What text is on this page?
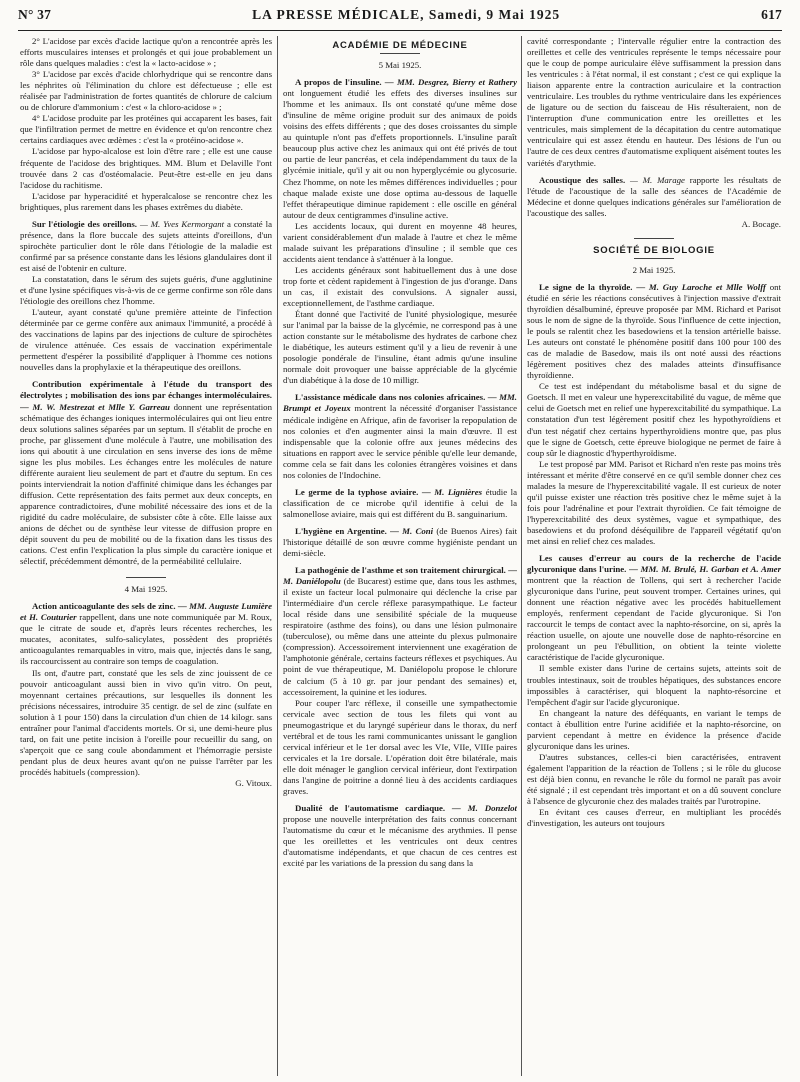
N° 37	LA PRESSE MÉDICALE, Samedi, 9 Mai 1925	617

2° L'acidose par excès d'acide lactique qu'on a rencontrée après les efforts musculaires intenses et prolongés et qui joue probablement un rôle dans quelques maladies : c'est la « lacto-acidose » ;

3° L'acidose par excès d'acide chlorhydrique qui se rencontre dans les néphrites où l'élimination du chlore est défectueuse ; elle est réalisée par l'administration de fortes quantités de chlorure de calcium ou de chlorure d'ammonium : c'est « la chloro-acidose » ;

4° L'acidose produite par les protéines qui accaparent les bases, fait que l'infiltration permet de mettre en évidence et qu'on rencontre chez certains cardiaques avec œdèmes : c'est la « protéino-acidose ».

L'acidose par hypo-alcalose est loin d'être rare ; elle est une cause fréquente de l'acidose des brightiques. MM. Blum et Delaville l'ont trouvée dans 2 cas d'ostéomalacie. Peut-être est-elle en jeu dans l'acidose du rachitisme.

L'acidose par hyperacidité et hyperalcalose se rencontre chez les brightiques, plus rarement dans les phases extrêmes du diabète.

Sur l'étiologie des oreillons. — M. Yves Kermorgant a constaté la présence, dans la flore buccale des sujets atteints d'oreillons, d'un spirochète particulier dont le rôle dans l'étiologie de la maladie est confirmé par sa présence constante dans les lésions glandulaires dont il est aisé de l'obtenir en culture.

La constatation, dans le sérum des sujets guéris, d'une agglutinine et d'une lysine spécifiques vis-à-vis de ce germe confirme son rôle dans l'étiologie des oreillons chez l'homme.

L'auteur, ayant constaté qu'une première atteinte de l'infection déterminée par ce germe confère aux animaux l'immunité, a procédé à des vaccinations de lapins par des injections de culture de spirochètes de virulence atténuée. Ces essais de vaccination expérimentale permettent d'espérer la possibilité d'appliquer à l'homme ces notions nouvelles dans la prophylaxie et la thérapeutique des oreillons.

Contribution expérimentale à l'étude du transport des électrolytes ; mobilisation des ions par échanges intermoléculaires. — M. W. Mestrezat et Mlle Y. Garreau donnent une représentation schématique des échanges ioniques intermoléculaires qui ont lieu entre deux solutions salines séparées par un septum. Il s'établit de proche en proche, par glissement d'une molécule à l'autre, une mobilisation des ions qui aboutit à une circulation en sens inverse des ions de même signe les plus mobiles. Les échanges entre les molécules de nature différente auraient lieu seulement de part et d'autre du septum. En ces points interviendrait la notion d'affinité chimique dans les échanges par diffusion. Cette représentation des faits permet aux deux concepts, en apparence contradictoires, d'une mobilité nécessaire des ions et de la rigidité du cadre moléculaire, de subsister côte à côte. Elle laisse aux anions de déchet ou de synthèse leur vitesse de diffusion propre en dépit souvent du peu de mobilité ou de la fixation dans les tissus des cations. C'est enfin l'explication la plus simple du caractère ionique et sélectif, précédemment démontré, de la perméabilité cellulaire.

4 Mai 1925.

Action anticoagulante des sels de zinc. — MM. Auguste Lumière et H. Couturier rappellent, dans une note communiquée par M. Roux, que le citrate de soude et, d'après leurs récentes recherches, les mucates, aconitates, sulfo-salicylates, possèdent des propriétés anticoagulantes remarquables in vitro, mais que, injectés dans le sang, ils raccourcissent au contraire son temps de coagulation.

Ils ont, d'autre part, constaté que les sels de zinc jouissent de ce pouvoir anticoagulant aussi bien in vivo qu'in vitro. On peut, moyennant certaines précautions, sur lesquelles ils donnent les précisions nécessaires, introduire 35 centigr. de sel de zinc (sulfate en solution à 1 pour 150) dans la circulation d'un chien de 14 kilogr. sans entraîner pour l'animal d'accidents mortels. Or si, une demi-heure plus tard, on fait une petite incision à l'oreille pour recueillir du sang, on s'aperçoit que ce sang coule abondamment et l'hémorragie persiste pendant plus de deux heures avant qu'on ne puisse l'arrêter par les procédés habituels (compression).

G. Vitoux.

ACADÉMIE DE MÉDECINE

5 Mai 1925.

A propos de l'insuline. — MM. Desgrez, Bierry et Rathery ont longuement étudié les effets des diverses insulines sur l'homme et les animaux. Ils ont constaté qu'une même dose d'insuline de même origine produit sur des animaux de poids voisins des effets différents ; que des doses croissantes du simple au quintuple n'ont pas d'effets proportionnels. L'insuline paraît beaucoup plus active chez les animaux qui ont été privés de tout ou partie de leur pancréas, et cela indépendamment du taux de la glycémie initiale, qu'il y ait ou non hyperglycémie ou glycosurie. Chez l'homme, on note les mêmes différences individuelles ; pour chaque malade existe une dose optima au-dessous de laquelle l'effet thérapeutique diminue rapidement : elle oscille en général autour de deux centigrammes d'insuline active.

Les accidents locaux, qui durent en moyenne 48 heures, varient considérablement d'un malade à l'autre et chez le même malade suivant les préparations d'insuline ; il semble que ces accidents aient tendance à s'atténuer à la longue.

Les accidents généraux sont habituellement dus à une dose trop forte et cèdent rapidement à l'ingestion de jus d'orange. Dans un cas, il existait des convulsions. A signaler aussi, exceptionnellement, de l'asthme cardiaque.

Étant donné que l'activité de l'unité physiologique, mesurée sur l'animal par la baisse de la glycémie, ne correspond pas à une action constante sur le métabolisme des hydrates de carbone chez le diabétique, les auteurs estiment qu'il y a lieu de revenir à une posologie pondérale de l'insuline, étant admis qu'une insuline normale doit provoquer une baisse appréciable de la glycémie d'un diabétique à la dose de 10 milligr.

L'assistance médicale dans nos colonies africaines. — MM. Brumpt et Joyeux montrent la nécessité d'organiser l'assistance médicale indigène en Afrique, afin de favoriser la repopulation de nos colonies et d'en augmenter ainsi la main d'œuvre. Il est indispensable que la colonie offre aux jeunes médecins des situations en rapport avec le service pénible qu'elle leur demande, comme cela se fait dans les colonies étrangères voisines et dans nos colonies de l'Indochine.

Le germe de la typhose aviaire. — M. Lignières étudie la classification de ce microbe qu'il identifie à celui de la salmonellose aviaire, mais qui est différent du B. sanguinarium.

L'hygiène en Argentine. — M. Coni (de Buenos Aires) fait l'historique détaillé de son œuvre comme hygiéniste pendant un demi-siècle.

La pathogénie de l'asthme et son traitement chirurgical. — M. Daniélopolu (de Bucarest) estime que, dans tous les asthmes, il existe un facteur local pulmonaire qui déclenche la crise par l'intermédiaire d'un cercle réflexe parasympathique. Le facteur local réside dans une sensibilité spéciale de la muqueuse respiratoire (asthme des foins), ou dans une lésion pulmonaire (tuberculose), ou même dans une atteinte du plexus pulmonaire (compression). Accessoirement interviennent une exagération de l'amphotonie générale, certains facteurs réflexes et psychiques. Au point de vue thérapeutique, M. Daniélopolu propose le chlorure de calcium (5 à 10 gr. par jour pendant des semaines) et, accessoirement, la quinine et les iodures.

Pour couper l'arc réflexe, il conseille une sympathectomie cervicale avec section de tous les filets qui vont au pneumogastrique et du laryngé supérieur dans le thorax, du nerf vertébral et de tous les rami communicantes unissant le ganglion cervical inférieur et le 1er dorsal avec les VIe, VIIe, VIIIe paires cervicales et la 1re dorsale. L'opération doit être bilatérale, mais elle doit ménager le ganglion cervical inférieur, dont l'extirpation dans l'angine de poitrine a donné lieu à des accidents cardiaques graves.

Dualité de l'automatisme cardiaque. — M. Donzelot propose une nouvelle interprétation des faits connus concernant l'automatisme du cœur et le mécanisme des arythmies. Il pense que les oreillettes et les ventricules ont deux centres d'automatisme indépendants, et que chacun de ces centres est excité par les variations de la pression du sang dans la

cavité correspondante ; l'intervalle régulier entre la contraction des oreillettes et celle des ventricules représente le temps nécessaire pour que le coup de pompe auriculaire élève suffisamment la pression dans les ventricules : à l'état normal, il est constant ; c'est ce qui explique la liaison apparente entre la contraction auriculaire et la contraction ventriculaire. Les troubles du rythme ventriculaire dans les expériences de ligature ou de section du faisceau de His résulteraient, non de l'interruption d'une communication entre les oreillettes et les ventricules, mais simplement de la décapitation du centre automatique ventriculaire qui est assez étendu en hauteur. Des lésions de l'un ou l'autre de ces deux centres d'automatisme expliquent aisément toutes les variétés d'arythmie.

Acoustique des salles. — M. Marage rapporte les résultats de l'étude de l'acoustique de la salle des séances de l'Académie de Médecine et donne quelques indications générales sur l'amélioration de l'acoustique des salles.

A. Bocage.

SOCIÉTÉ DE BIOLOGIE

2 Mai 1925.

Le signe de la thyroïde. — M. Guy Laroche et Mlle Wolff ont étudié en série les réactions consécutives à l'injection massive d'extrait thyroïdien désalbuminé, épreuve proposée par MM. Richard et Parisot sous le nom de signe de la thyroïde. Sous l'influence de cette injection, le pouls se ralentit chez les basedowiens et la tension artérielle baisse. Les auteurs ont constaté le phénomène positif dans 100 pour 100 des cas de maladie de Basedow, mais ils ont noté aussi des réactions légèrement positives chez des malades atteints d'insuffisance thyroïdienne.

Ce test est indépendant du métabolisme basal et du signe de Goetsch. Il met en valeur une hyperexcitabilité du vague, de même que celui de Goetsch met en relief une hyperexcitabilité du sympathique. La constatation d'un test légèrement positif chez les hypothyroïdiens et d'un test négatif chez certains hyperthyroïdiens montre que, pas plus que le signe de Goetsch, cette épreuve biologique ne permet de faire à coup sûr le diagnostic d'hyperthyroïdisme.

Le test proposé par MM. Parisot et Richard n'en reste pas moins très intéressant et mérite d'être conservé en ce qu'il semble donner chez ces malades la mesure de l'hyperexcitabilité vagale. Il est curieux de noter qu'il puisse exister une réaction très positive chez le même sujet à la fois pour l'adrénaline et pour l'extrait thyroïdien. Ce fait témoigne de l'hyperexcitabilité des deux systèmes, vague et sympathique, des basedowiens et du profond déséquilibre de l'appareil végétatif qu'on met ainsi en relief chez ces malades.

Les causes d'erreur au cours de la recherche de l'acide glycuronique dans l'urine. — MM. M. Brulé, H. Garban et A. Amer montrent que la réaction de Tollens, qui sert à rechercher l'acide glycuronique dans l'urine, peut souvent tromper. Certaines urines, qui donnent une réaction négative avec les procédés habituellement employés, renferment cependant de l'acide glycuronique. Si l'on raccourcit le temps de contact avec la naphto-résorcine, on si, après la réaction usuelle, on ajoute une nouvelle dose de naphto-résorcine en prolongeant un peu l'ébullition, on obtient la teinte violette caractéristique de l'acide glycuronique.

Il semble exister dans l'urine de certains sujets, atteints soit de troubles intestinaux, soit de troubles hépatiques, des substances encore impossibles à caractériser, qui bloquent la naphto-résorcine et l'empêchent d'agir sur l'acide glycuronique.

En changeant la nature des déféquants, en variant le temps de contact à ébullition entre l'urine acidifiée et la naphto-résorcine, on parvient cependant à mettre en évidence la présence d'acide glycuronique dans les urines.

D'autres substances, celles-ci bien caractérisées, entravent également l'apparition de la réaction de Tollens ; si le rôle du glucose est déjà bien connu, en revanche le rôle du formol ne paraît pas avoir été signalé ; il est cependant très important et on a dû souvent conclure à l'absence de glycuronie chez des malades traités par l'urotropine.

En évitant ces causes d'erreur, en multipliant les procédés d'investigation, les auteurs ont toujours
